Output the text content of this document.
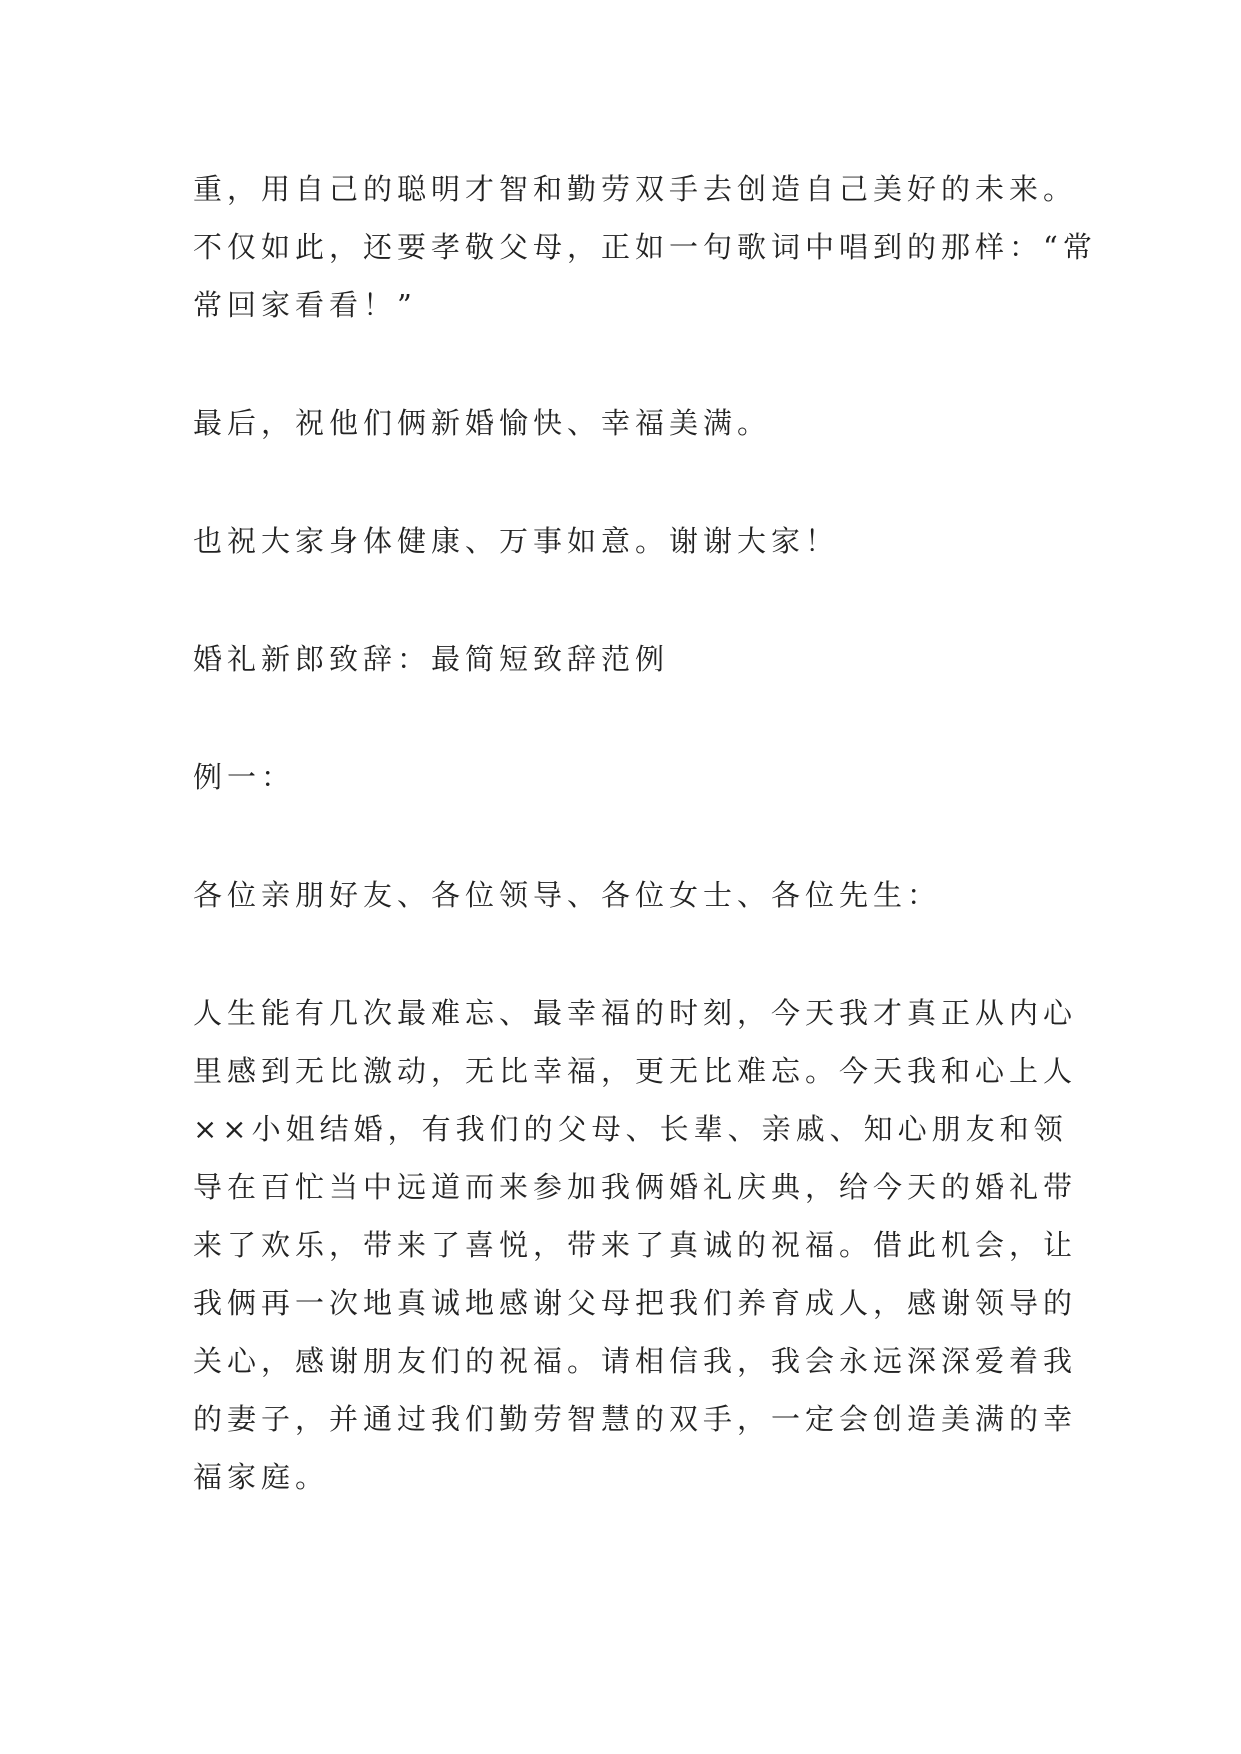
重，用自己的聪明才智和勤劳双手去创造自己美好的未来。
不仅如此，还要孝敬父母，正如一句歌词中唱到的那样：“常
常回家看看！”

最后，祝他们俩新婚愉快、幸福美满。

也祝大家身体健康、万事如意。谢谢大家！

婚礼新郎致辞：最简短致辞范例

例一：

各位亲朋好友、各位领导、各位女士、各位先生：

人生能有几次最难忘、最幸福的时刻，今天我才真正从内心
里感到无比激动，无比幸福，更无比难忘。今天我和心上人
××小姐结婚，有我们的父母、长辈、亲戚、知心朋友和领
导在百忙当中远道而来参加我俩婚礼庆典，给今天的婚礼带
来了欢乐，带来了喜悦，带来了真诚的祝福。借此机会，让
我俩再一次地真诚地感谢父母把我们养育成人，感谢领导的
关心，感谢朋友们的祝福。请相信我，我会永远深深爱着我
的妻子，并通过我们勤劳智慧的双手，一定会创造美满的幸
福家庭。
